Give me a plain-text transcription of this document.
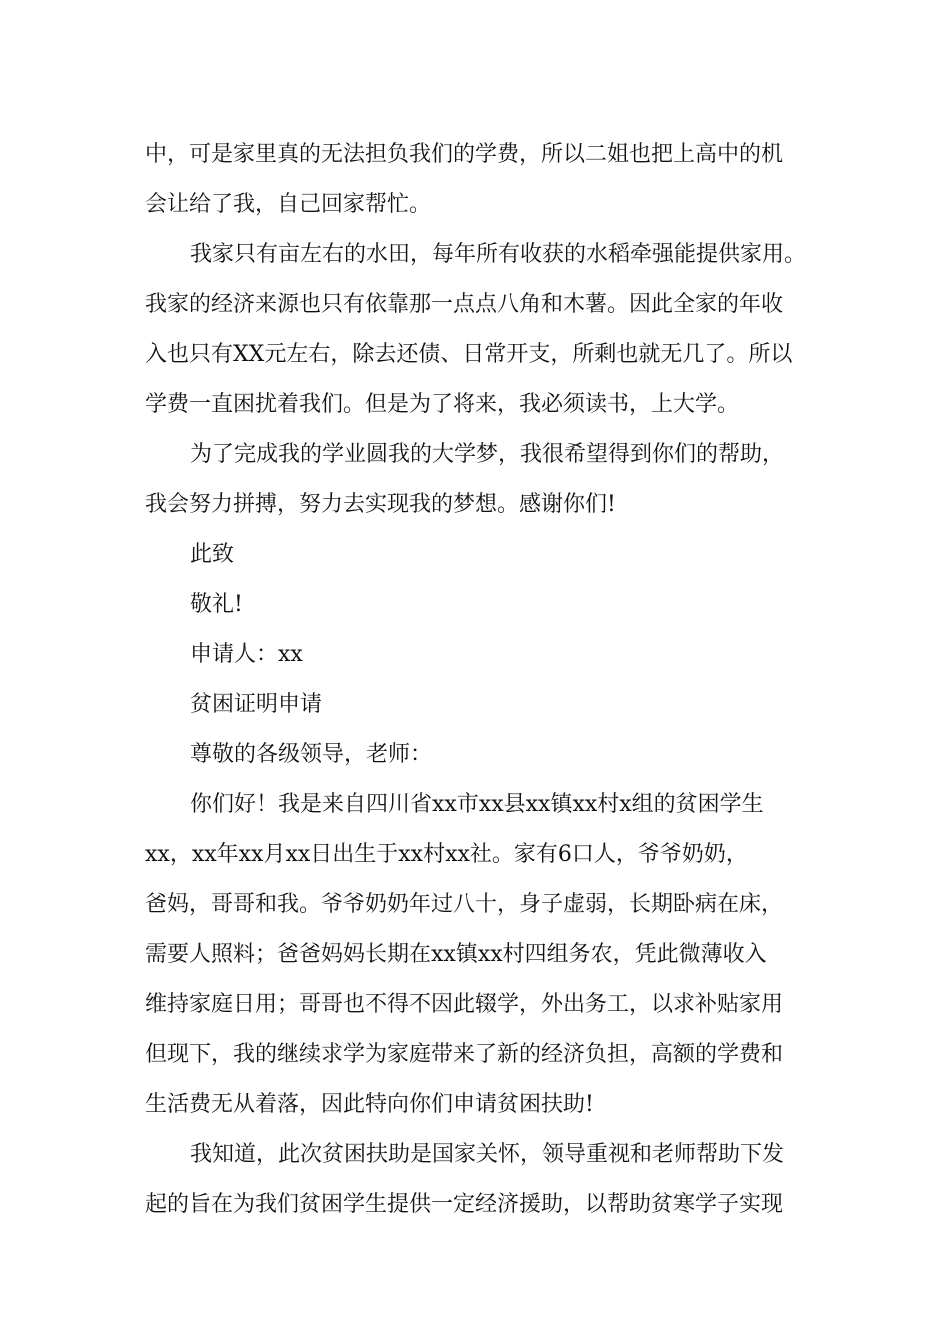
中，可是家里真的无法担负我们的学费，所以二姐也把上高中的机
会让给了我，自己回家帮忙。
我家只有亩左右的水田，每年所有收获的水稻牵强能提供家用。
我家的经济来源也只有依靠那一点点八角和木薯。因此全家的年收
入也只有XX元左右，除去还债、日常开支，所剩也就无几了。所以
学费一直困扰着我们。但是为了将来，我必须读书，上大学。
为了完成我的学业圆我的大学梦，我很希望得到你们的帮助，
我会努力拼搏，努力去实现我的梦想。感谢你们!
此致
敬礼!
申请人：xx
贫困证明申请
尊敬的各级领导，老师：
你们好！我是来自四川省xx市xx县xx镇xx村x组的贫困学生
xx，xx年xx月xx日出生于xx村xx社。家有6口人，爷爷奶奶，
爸妈，哥哥和我。爷爷奶奶年过八十，身子虚弱，长期卧病在床，
需要人照料；爸爸妈妈长期在xx镇xx村四组务农，凭此微薄收入
维持家庭日用；哥哥也不得不因此辍学，外出务工，以求补贴家用
但现下，我的继续求学为家庭带来了新的经济负担，高额的学费和
生活费无从着落，因此特向你们申请贫困扶助!
我知道，此次贫困扶助是国家关怀，领导重视和老师帮助下发
起的旨在为我们贫困学生提供一定经济援助，以帮助贫寒学子实现
